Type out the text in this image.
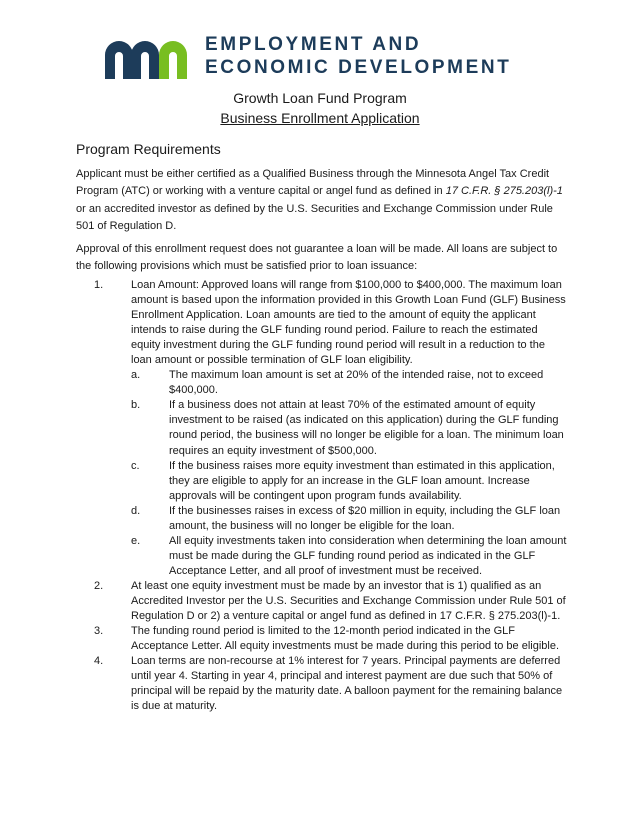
EMPLOYMENT AND
ECONOMIC DEVELOPMENT
Growth Loan Fund Program
Business Enrollment Application
Program Requirements

Applicant must be either certified as a Qualified Business through the Minnesota Angel Tax Credit Program (ATC) or working with a venture capital or angel fund as defined in 17 C.F.R. § 275.203(l)-1 or an accredited investor as defined by the U.S. Securities and Exchange Commission under Rule 501 of Regulation D.

Approval of this enrollment request does not guarantee a loan will be made. All loans are subject to the following provisions which must be satisfied prior to loan issuance:

1.	Loan Amount: Approved loans will range from $100,000 to $400,000. The maximum loan amount is based upon the information provided in this Growth Loan Fund (GLF) Business Enrollment Application. Loan amounts are tied to the amount of equity the applicant intends to raise during the GLF funding round period. Failure to reach the estimated equity investment during the GLF funding round period will result in a reduction to the loan amount or possible termination of GLF loan eligibility.
a.	The maximum loan amount is set at 20% of the intended raise, not to exceed $400,000.
b.	If a business does not attain at least 70% of the estimated amount of equity investment to be raised (as indicated on this application) during the GLF funding round period, the business will no longer be eligible for a loan. The minimum loan requires an equity investment of $500,000.
c.	If the business raises more equity investment than estimated in this application, they are eligible to apply for an increase in the GLF loan amount. Increase approvals will be contingent upon program funds availability.
d.	If the businesses raises in excess of $20 million in equity, including the GLF loan amount, the business will no longer be eligible for the loan.
e.	All equity investments taken into consideration when determining the loan amount must be made during the GLF funding round period as indicated in the GLF Acceptance Letter, and all proof of investment must be received.
2.	At least one equity investment must be made by an investor that is 1) qualified as an Accredited Investor per the U.S. Securities and Exchange Commission under Rule 501 of Regulation D or 2) a venture capital or angel fund as defined in 17 C.F.R. § 275.203(l)-1.
3.	The funding round period is limited to the 12-month period indicated in the GLF Acceptance Letter. All equity investments must be made during this period to be eligible.
4.	Loan terms are non-recourse at 1% interest for 7 years. Principal payments are deferred until year 4. Starting in year 4, principal and interest payment are due such that 50% of principal will be repaid by the maturity date. A balloon payment for the remaining balance is due at maturity.
